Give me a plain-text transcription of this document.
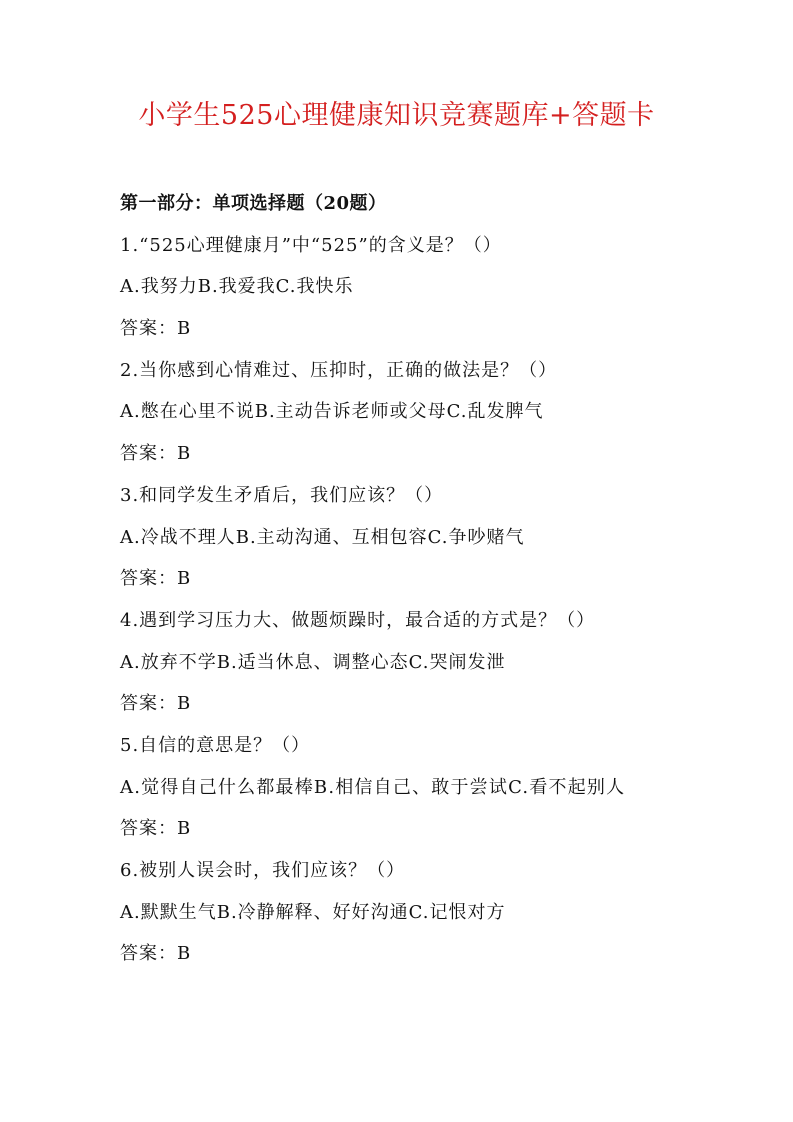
小学生525心理健康知识竞赛题库+答题卡
第一部分：单项选择题（20题）
1.“525心理健康月”中“525”的含义是？（）
A.我努力B.我爱我C.我快乐
答案：B
2.当你感到心情难过、压抑时，正确的做法是？（）
A.憋在心里不说B.主动告诉老师或父母C.乱发脾气
答案：B
3.和同学发生矛盾后，我们应该？（）
A.冷战不理人B.主动沟通、互相包容C.争吵赌气
答案：B
4.遇到学习压力大、做题烦躁时，最合适的方式是？（）
A.放弃不学B.适当休息、调整心态C.哭闹发泄
答案：B
5.自信的意思是？（）
A.觉得自己什么都最棒B.相信自己、敢于尝试C.看不起别人
答案：B
6.被别人误会时，我们应该？（）
A.默默生气B.冷静解释、好好沟通C.记恨对方
答案：B
